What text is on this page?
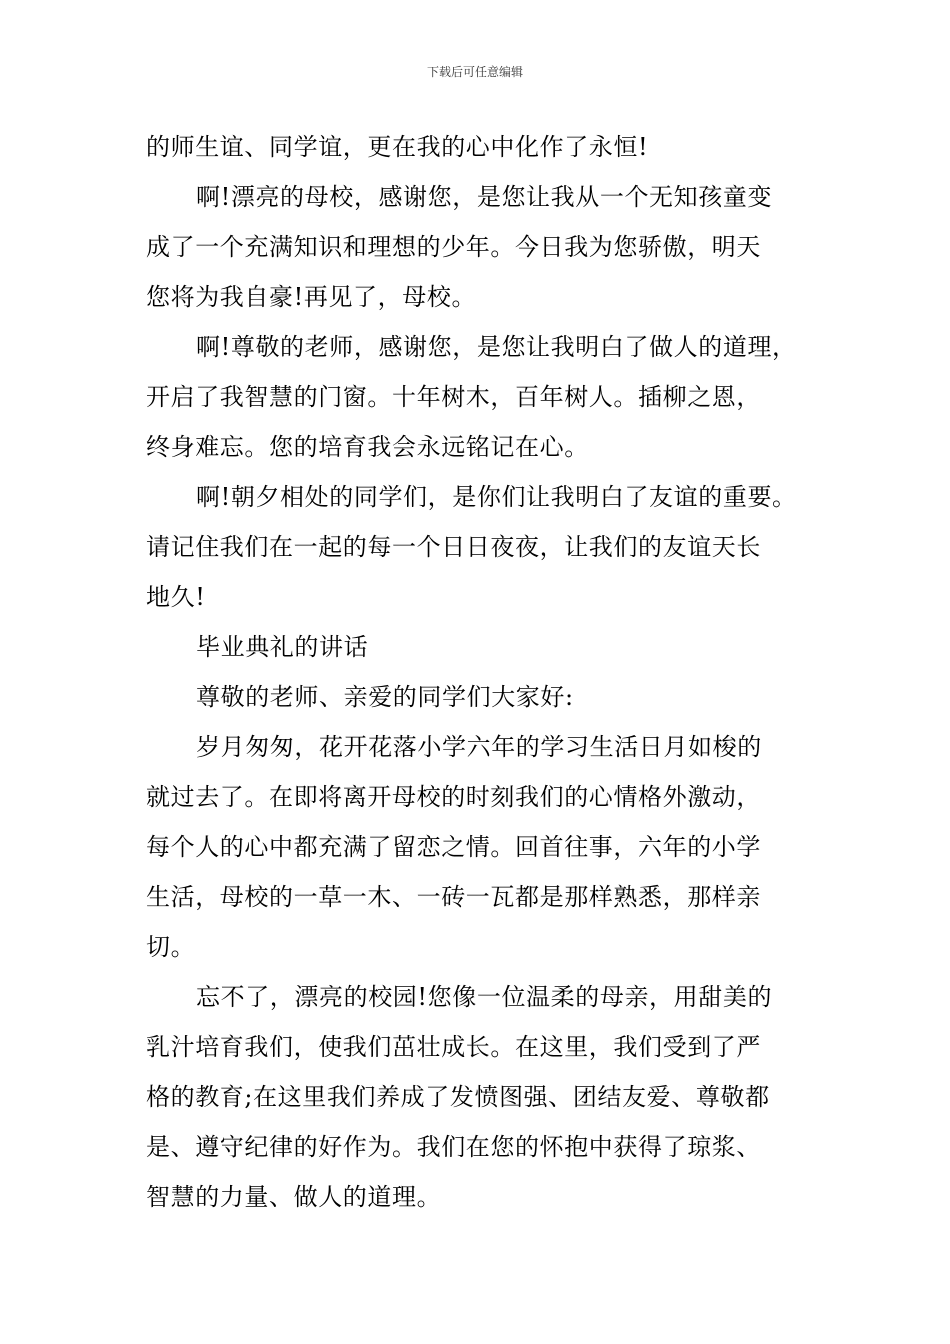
下载后可任意编辑

的师生谊、同学谊，更在我的心中化作了永恒!

啊!漂亮的母校，感谢您，是您让我从一个无知孩童变
成了一个充满知识和理想的少年。今日我为您骄傲，明天
您将为我自豪!再见了，母校。

啊!尊敬的老师，感谢您，是您让我明白了做人的道理，
开启了我智慧的门窗。十年树木，百年树人。插柳之恩，
终身难忘。您的培育我会永远铭记在心。

啊!朝夕相处的同学们，是你们让我明白了友谊的重要。
请记住我们在一起的每一个日日夜夜，让我们的友谊天长
地久!

毕业典礼的讲话

尊敬的老师、亲爱的同学们大家好:

岁月匆匆，花开花落小学六年的学习生活日月如梭的
就过去了。在即将离开母校的时刻我们的心情格外激动，
每个人的心中都充满了留恋之情。回首往事，六年的小学
生活，母校的一草一木、一砖一瓦都是那样熟悉，那样亲
切。

忘不了，漂亮的校园!您像一位温柔的母亲，用甜美的
乳汁培育我们，使我们茁壮成长。在这里，我们受到了严
格的教育;在这里我们养成了发愤图强、团结友爱、尊敬都
是、遵守纪律的好作为。我们在您的怀抱中获得了琼浆、
智慧的力量、做人的道理。
